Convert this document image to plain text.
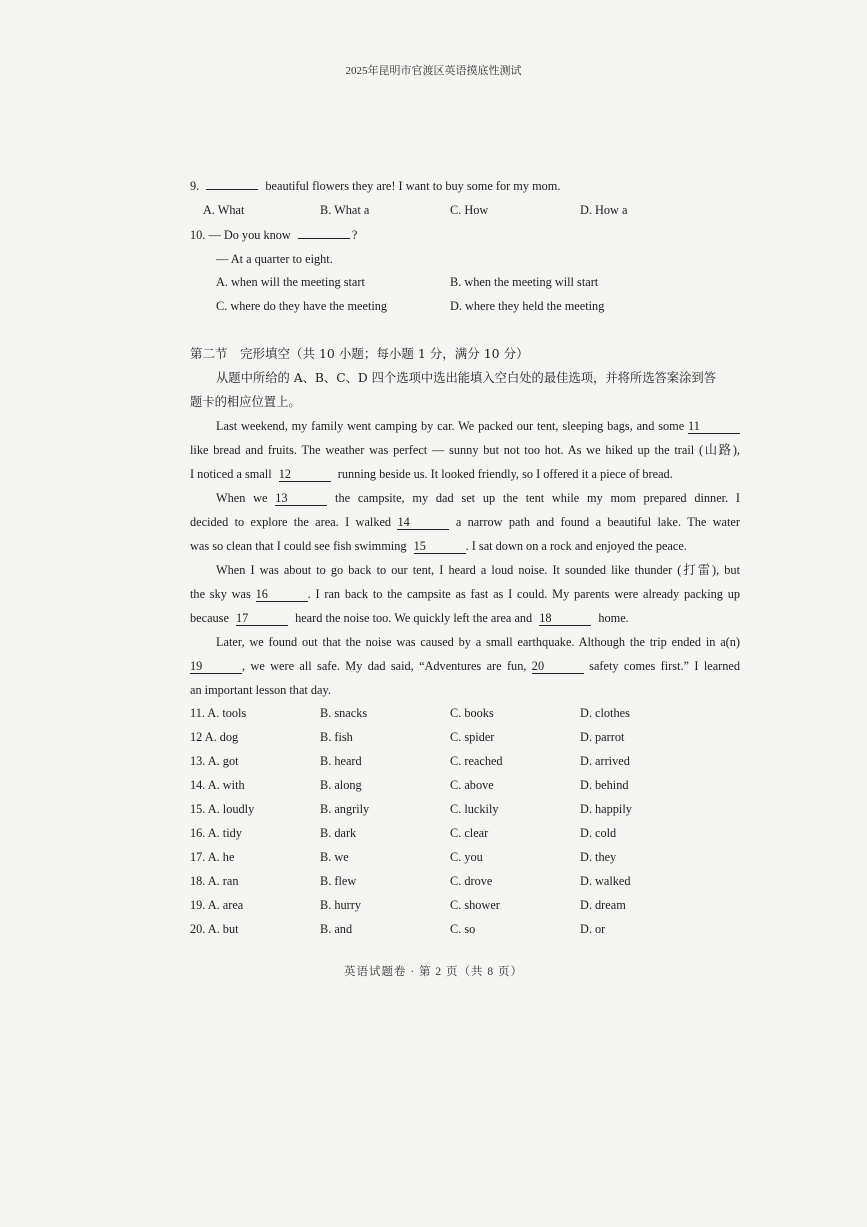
2025年昆明市官渡区英语摸底性测试
9.	beautiful flowers they are! I want to buy some for my mom.
A. What	B. What a	C. How	D. How a
10. — Do you know	?
— At a quarter to eight.
A. when will the meeting start	B. when the meeting will start
C. where do they have the meeting	D. where they held the meeting
第二节　完形填空（共 10 小题；每小题 1 分，满分 10 分）
从题中所给的 A、B、C、D 四个选项中选出能填入空白处的最佳选项，并将所选答案涂到答
题卡的相应位置上。
Last weekend, my family went camping by car. We packed our tent, sleeping bags, and some 11
like bread and fruits. The weather was perfect — sunny but not too hot. As we hiked up the trail (山路),
I noticed a small 12	running beside us. It looked friendly, so I offered it a piece of bread.
When we 13	the campsite, my dad set up the tent while my mom prepared dinner. I
decided to explore the area. I walked 14	a narrow path and found a beautiful lake. The water
was so clean that I could see fish swimming 15	. I sat down on a rock and enjoyed the peace.
When I was about to go back to our tent, I heard a loud noise. It sounded like thunder (打雷), but
the sky was 16	. I ran back to the campsite as fast as I could. My parents were already packing up
because 17	heard the noise too. We quickly left the area and 18	home.
Later, we found out that the noise was caused by a small earthquake. Although the trip ended in a(n)
19	, we were all safe. My dad said, “Adventures are fun, 20	safety comes first.” I learned
an important lesson that day.
11. A. tools	B. snacks	C. books	D. clothes
12 A. dog	B. fish	C. spider	D. parrot
13. A. got	B. heard	C. reached	D. arrived
14. A. with	B. along	C. above	D. behind
15. A. loudly	B. angrily	C. luckily	D. happily
16. A. tidy	B. dark	C. clear	D. cold
17. A. he	B. we	C. you	D. they
18. A. ran	B. flew	C. drove	D. walked
19. A. area	B. hurry	C. shower	D. dream
20. A. but	B. and	C. so	D. or
英语试题卷 · 第 2 页（共 8 页）
